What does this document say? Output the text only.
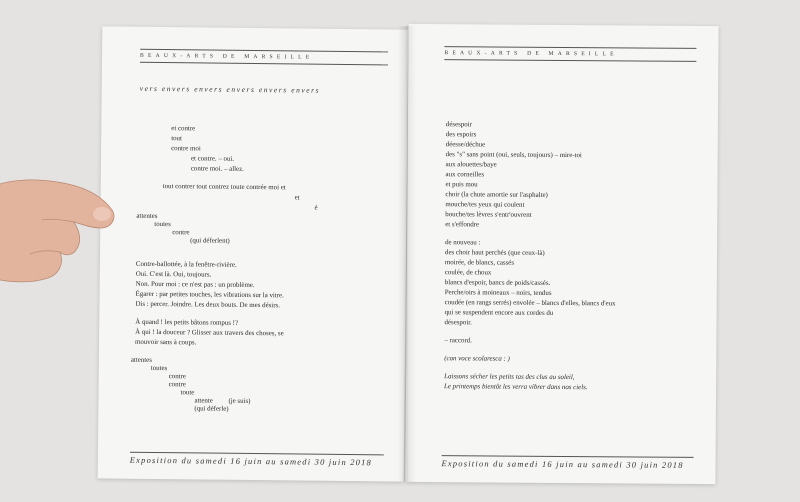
BEAUX-ARTS DE MARSEILLE
vers envers envers envers envers envers
et contre
tout
contre moi
et contre. – oui.
contre moi. – allez.
tout contrer tout contrez toute contrée moi et
et
é
attentes
toutes
contre
(qui déferlent)
Contre-ballottée, à la fenêtre-rivière.
Oui. C'est là. Oui, toujours.
Non. Pour moi : ce n'est pas : un problème.
Égarer : par petites touches, les vibrations sur la vitre.
Dis : percer. Joindre. Les deux bouts. De mes désirs.
À quand ! les petits bâtons rompus !?
À qui ! la douceur ? Glisser aux travers des choses, se
mouvoir sans à coups.
attentes
toutes
contre
contre
toute
attente (je suis)
(qui déferle)
Exposition du samedi 16 juin au samedi 30 juin 2018
BEAUX-ARTS DE MARSEILLE
désespoir
des espoirs
déesse/déchue
des "s" sans point (oui, seuls, toujours) – mire-toi
aux alouettes/baye
aux corneilles
et puis mou
choir (la chute amortie sur l'asphalte)
mouche/tes yeux qui coulent
bouche/tes lèvres s'entr'ouvrent
et s'effondre
de nouveau :
des choir haut perchés (que ceux-là)
moirée, de blancs, cassés
coulée, de choux
blancs d'espoir, bancs de poids/cassés.
Perche/oirs à moineaux – noirs, tendus
coudée (en rangs serrés) envolée – blancs d'elles, blancs d'eux
qui se suspendent encore aux cordes du
désespoir.
– raccord.
(con voce scolaresca : )
Laissons sécher les petits tas des clus au soleil,
Le printemps bientôt les verra vibrer dans nos ciels.
Exposition du samedi 16 juin au samedi 30 juin 2018
